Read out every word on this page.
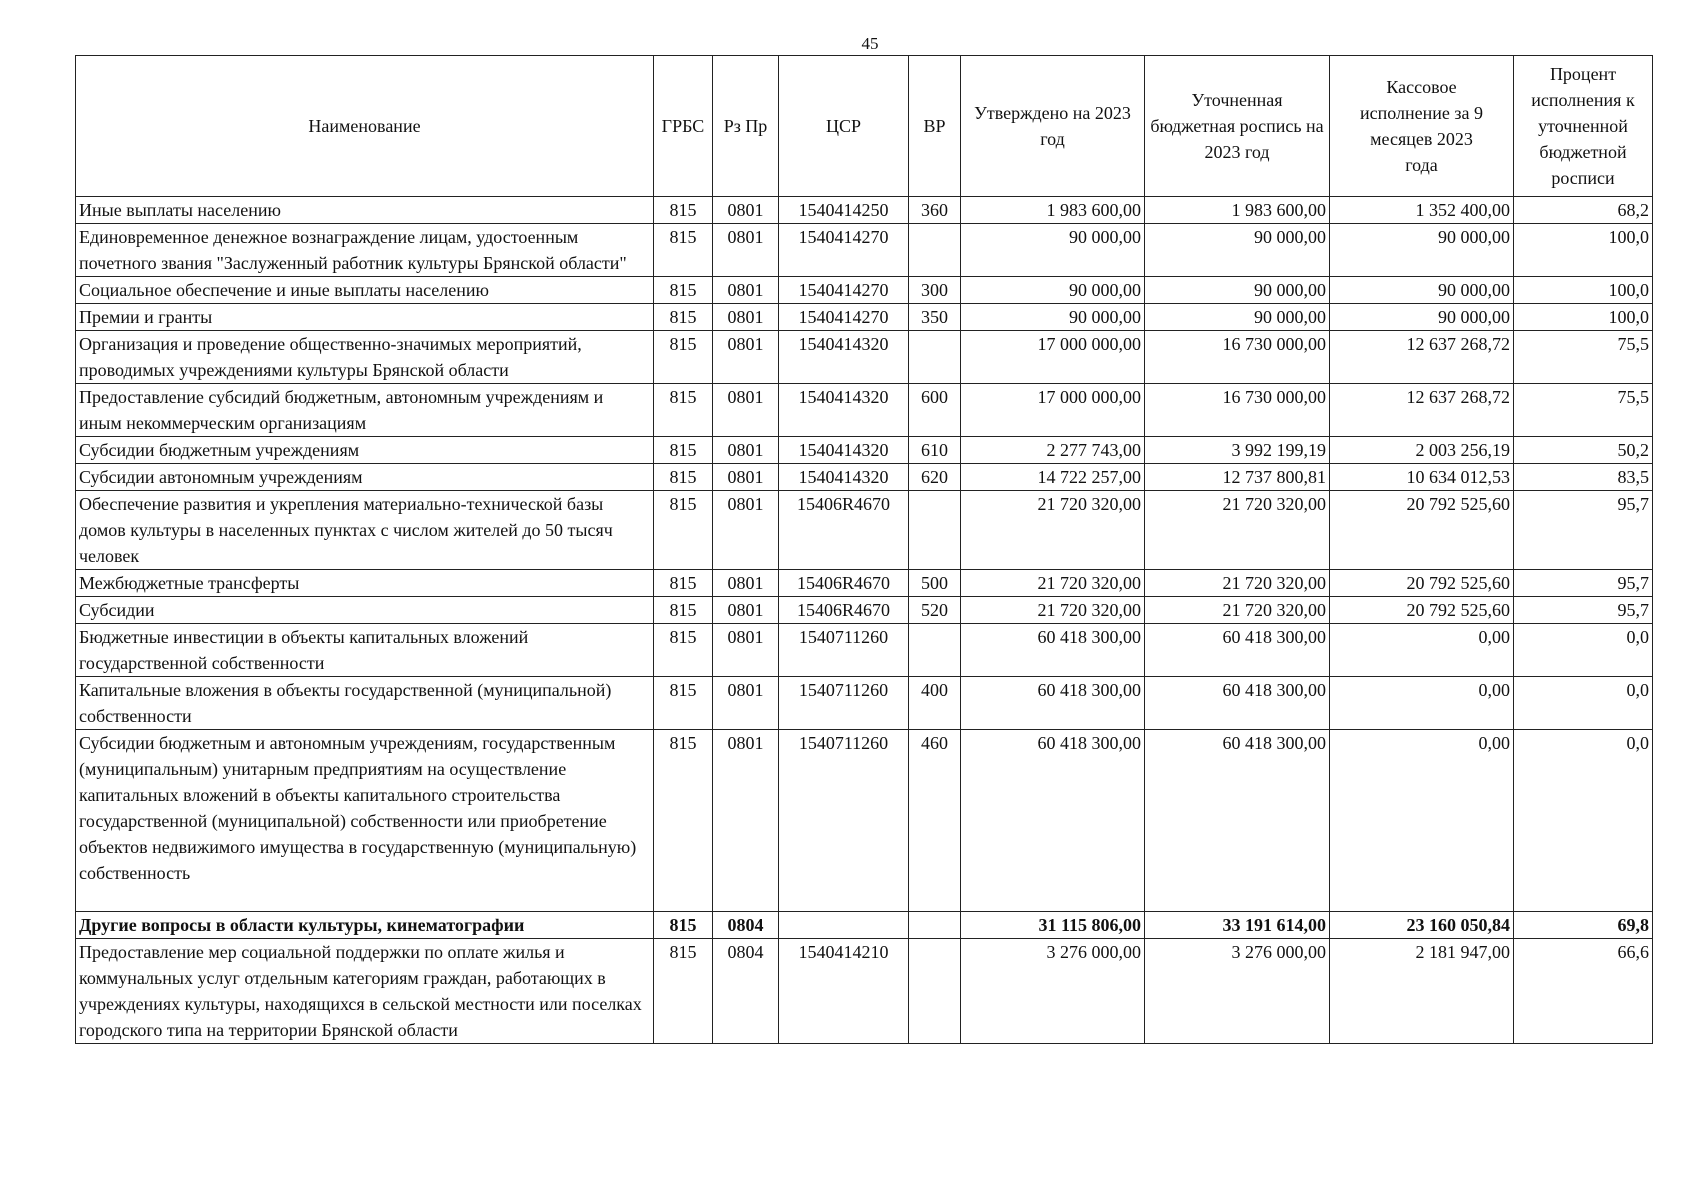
45
Наименование	ГРБС	Рз Пр	ЦСР	ВР	Утверждено на 2023 год	Уточненная бюджетная роспись на 2023 год	Кассовое исполнение за 9 месяцев 2023 года	Процент исполнения к уточненной бюджетной росписи
Иные выплаты населению	815	0801	1540414250	360	1 983 600,00	1 983 600,00	1 352 400,00	68,2
Единовременное денежное вознаграждение лицам, удостоенным почетного звания "Заслуженный работник культуры Брянской области"	815	0801	1540414270		90 000,00	90 000,00	90 000,00	100,0
Социальное обеспечение и иные выплаты населению	815	0801	1540414270	300	90 000,00	90 000,00	90 000,00	100,0
Премии и гранты	815	0801	1540414270	350	90 000,00	90 000,00	90 000,00	100,0
Организация и проведение общественно-значимых мероприятий, проводимых учреждениями культуры Брянской области	815	0801	1540414320		17 000 000,00	16 730 000,00	12 637 268,72	75,5
Предоставление субсидий бюджетным, автономным учреждениям и иным некоммерческим организациям	815	0801	1540414320	600	17 000 000,00	16 730 000,00	12 637 268,72	75,5
Субсидии бюджетным учреждениям	815	0801	1540414320	610	2 277 743,00	3 992 199,19	2 003 256,19	50,2
Субсидии автономным учреждениям	815	0801	1540414320	620	14 722 257,00	12 737 800,81	10 634 012,53	83,5
Обеспечение развития и укрепления материально-технической базы домов культуры в населенных пунктах с числом жителей до 50 тысяч человек	815	0801	15406R4670		21 720 320,00	21 720 320,00	20 792 525,60	95,7
Межбюджетные трансферты	815	0801	15406R4670	500	21 720 320,00	21 720 320,00	20 792 525,60	95,7
Субсидии	815	0801	15406R4670	520	21 720 320,00	21 720 320,00	20 792 525,60	95,7
Бюджетные инвестиции в объекты капитальных вложений государственной собственности	815	0801	1540711260		60 418 300,00	60 418 300,00	0,00	0,0
Капитальные вложения в объекты государственной (муниципальной) собственности	815	0801	1540711260	400	60 418 300,00	60 418 300,00	0,00	0,0
Субсидии бюджетным и автономным учреждениям, государственным (муниципальным) унитарным предприятиям на осуществление капитальных вложений в объекты капитального строительства государственной (муниципальной) собственности или приобретение объектов недвижимого имущества в государственную (муниципальную) собственность	815	0801	1540711260	460	60 418 300,00	60 418 300,00	0,00	0,0
Другие вопросы в области культуры, кинематографии	815	0804			31 115 806,00	33 191 614,00	23 160 050,84	69,8
Предоставление мер социальной поддержки по оплате жилья и коммунальных услуг отдельным категориям граждан, работающих в учреждениях культуры, находящихся в сельской местности или поселках городского типа на территории Брянской области	815	0804	1540414210		3 276 000,00	3 276 000,00	2 181 947,00	66,6
